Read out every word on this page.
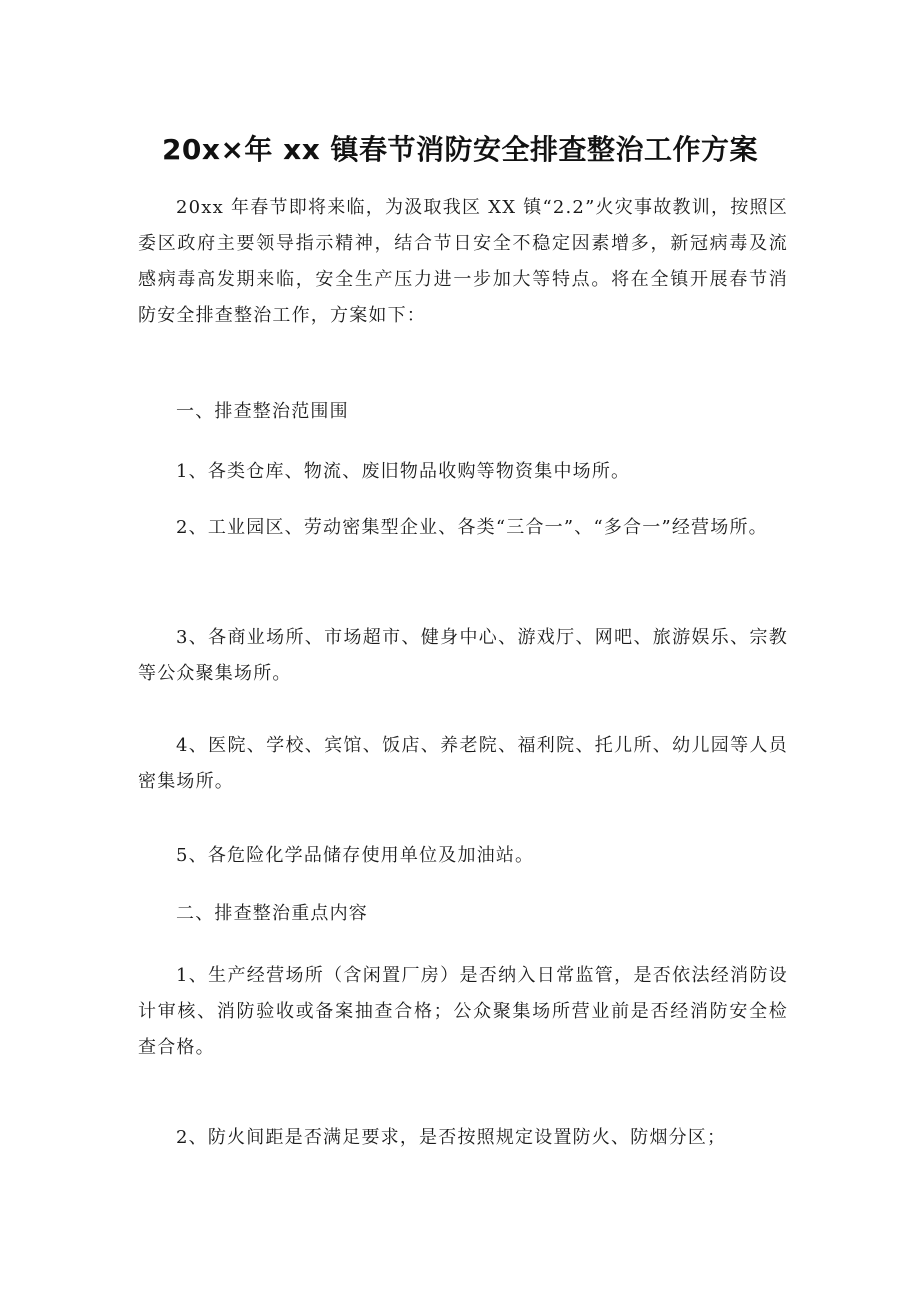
20x×年 xx 镇春节消防安全排查整治工作方案

20xx 年春节即将来临，为汲取我区 XX 镇“2.2”火灾事故教训，按照区委区政府主要领导指示精神，结合节日安全不稳定因素增多，新冠病毒及流感病毒高发期来临，安全生产压力进一步加大等特点。将在全镇开展春节消防安全排查整治工作，方案如下：

一、排查整治范围围

1、各类仓库、物流、废旧物品收购等物资集中场所。

2、工业园区、劳动密集型企业、各类“三合一”、“多合一”经营场所。

3、各商业场所、市场超市、健身中心、游戏厅、网吧、旅游娱乐、宗教等公众聚集场所。

4、医院、学校、宾馆、饭店、养老院、福利院、托儿所、幼儿园等人员密集场所。

5、各危险化学品储存使用单位及加油站。

二、排查整治重点内容

1、生产经营场所（含闲置厂房）是否纳入日常监管，是否依法经消防设计审核、消防验收或备案抽查合格；公众聚集场所营业前是否经消防安全检查合格。

2、防火间距是否满足要求，是否按照规定设置防火、防烟分区；
